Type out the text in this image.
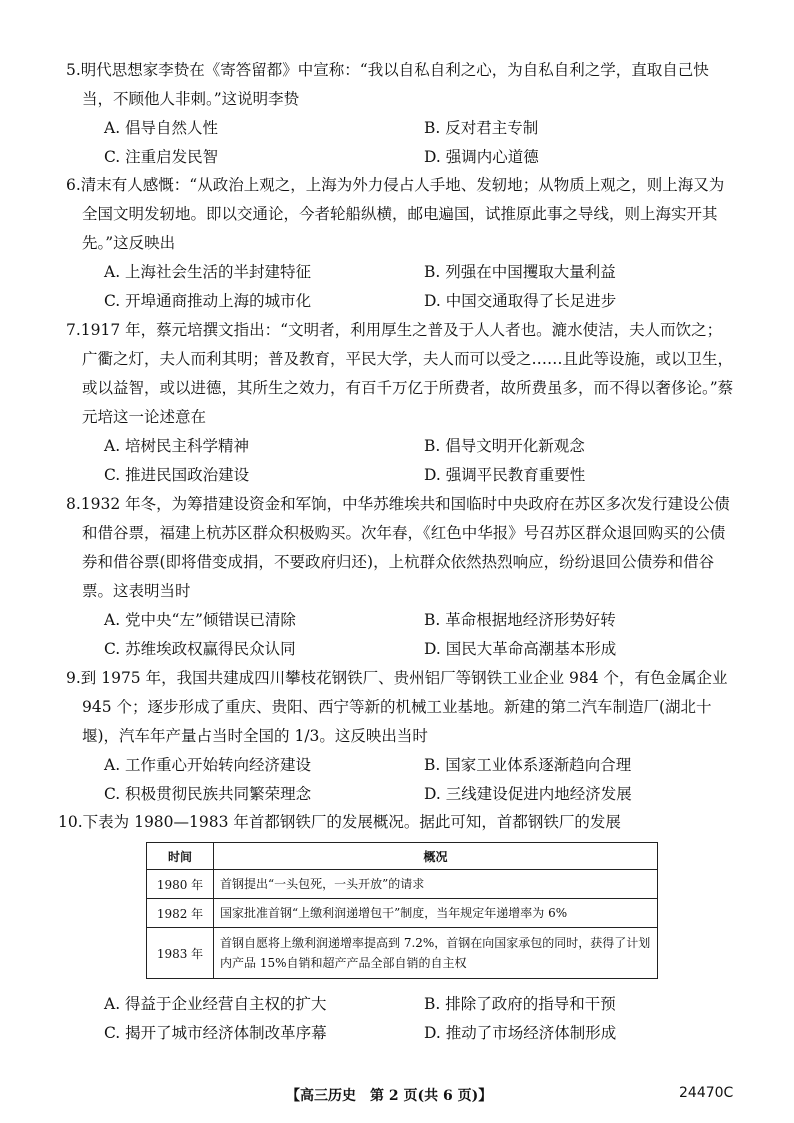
5.明代思想家李贽在《寄答留都》中宣称：“我以自私自利之心，为自私自利之学，直取自己快当，不顾他人非刺。”这说明李贽
A. 倡导自然人性	B. 反对君主专制
C. 注重启发民智	D. 强调内心道德
6.清末有人感慨：“从政治上观之，上海为外力侵占人手地、发轫地；从物质上观之，则上海又为全国文明发轫地。即以交通论，今者轮船纵横，邮电遍国，试推原此事之导线，则上海实开其先。”这反映出
A. 上海社会生活的半封建特征	B. 列强在中国攫取大量利益
C. 开埠通商推动上海的城市化	D. 中国交通取得了长足进步
7.1917 年，蔡元培撰文指出：“文明者，利用厚生之普及于人人者也。漉水使洁，夫人而饮之；广衢之灯，夫人而利其明；普及教育，平民大学，夫人而可以受之……且此等设施，或以卫生，或以益智，或以进德，其所生之效力，有百千万亿于所费者，故所费虽多，而不得以奢侈论。”蔡元培这一论述意在
A. 培树民主科学精神	B. 倡导文明开化新观念
C. 推进民国政治建设	D. 强调平民教育重要性
8.1932 年冬，为筹措建设资金和军饷，中华苏维埃共和国临时中央政府在苏区多次发行建设公债和借谷票，福建上杭苏区群众积极购买。次年春，《红色中华报》号召苏区群众退回购买的公债券和借谷票(即将借变成捐，不要政府归还)，上杭群众依然热烈响应，纷纷退回公债券和借谷票。这表明当时
A. 党中央“左”倾错误已清除	B. 革命根据地经济形势好转
C. 苏维埃政权赢得民众认同	D. 国民大革命高潮基本形成
9.到 1975 年，我国共建成四川攀枝花钢铁厂、贵州铝厂等钢铁工业企业 984 个，有色金属企业 945 个；逐步形成了重庆、贵阳、西宁等新的机械工业基地。新建的第二汽车制造厂(湖北十堰)，汽车年产量占当时全国的 1/3。这反映出当时
A. 工作重心开始转向经济建设	B. 国家工业体系逐渐趋向合理
C. 积极贯彻民族共同繁荣理念	D. 三线建设促进内地经济发展
10.下表为 1980—1983 年首都钢铁厂的发展概况。据此可知，首都钢铁厂的发展
时间	概况
1980 年	首钢提出“一头包死，一头开放”的请求
1982 年	国家批准首钢“上缴利润递增包干”制度，当年规定年递增率为 6%
1983 年	首钢自愿将上缴利润递增率提高到 7.2%，首钢在向国家承包的同时，获得了计划内产品 15%自销和超产产品全部自销的自主权
A. 得益于企业经营自主权的扩大	B. 排除了政府的指导和干预
C. 揭开了城市经济体制改革序幕	D. 推动了市场经济体制形成
【高三历史　第 2 页(共 6 页)】	24470C
